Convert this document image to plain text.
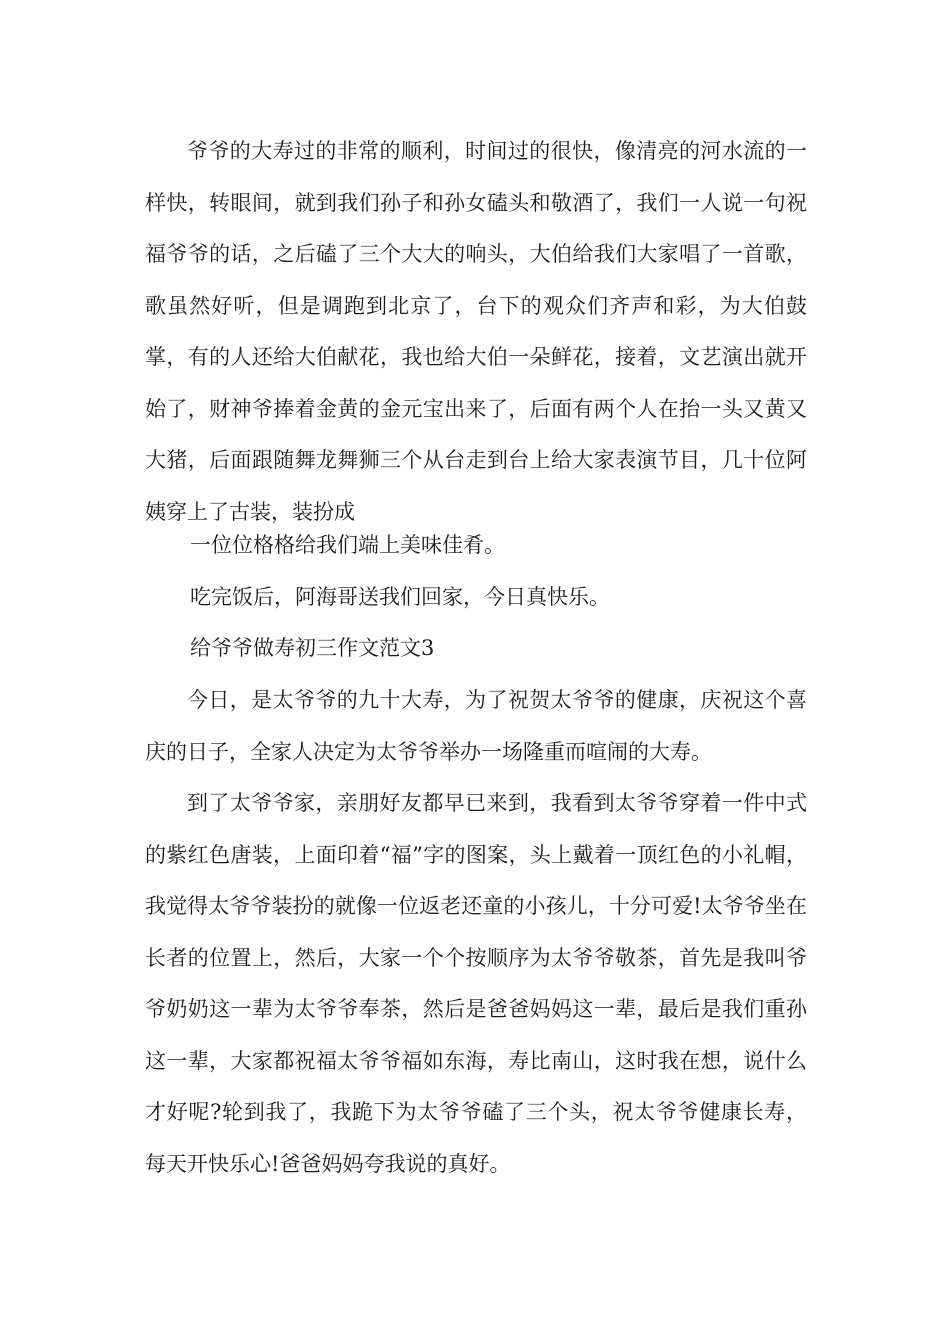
爷爷的大寿过的非常的顺利，时间过的很快，像清亮的河水流的一样快，转眼间，就到我们孙子和孙女磕头和敬酒了，我们一人说一句祝福爷爷的话，之后磕了三个大大的响头，大伯给我们大家唱了一首歌，歌虽然好听，但是调跑到北京了，台下的观众们齐声和彩，为大伯鼓掌，有的人还给大伯献花，我也给大伯一朵鲜花，接着，文艺演出就开始了，财神爷捧着金黄的金元宝出来了，后面有两个人在抬一头又黄又大猪，后面跟随舞龙舞狮三个从台走到台上给大家表演节目，几十位阿姨穿上了古装，装扮成

一位位格格给我们端上美味佳肴。

吃完饭后，阿海哥送我们回家，今日真快乐。

给爷爷做寿初三作文范文3

今日，是太爷爷的九十大寿，为了祝贺太爷爷的健康，庆祝这个喜庆的日子，全家人决定为太爷爷举办一场隆重而喧闹的大寿。

到了太爷爷家，亲朋好友都早已来到，我看到太爷爷穿着一件中式的紫红色唐装，上面印着“福”字的图案，头上戴着一顶红色的小礼帽，我觉得太爷爷装扮的就像一位返老还童的小孩儿，十分可爱!太爷爷坐在长者的位置上，然后，大家一个个按顺序为太爷爷敬茶，首先是我叫爷爷奶奶这一辈为太爷爷奉茶，然后是爸爸妈妈这一辈，最后是我们重孙这一辈，大家都祝福太爷爷福如东海，寿比南山，这时我在想，说什么才好呢?轮到我了，我跪下为太爷爷磕了三个头，祝太爷爷健康长寿，每天开快乐心!爸爸妈妈夸我说的真好。
